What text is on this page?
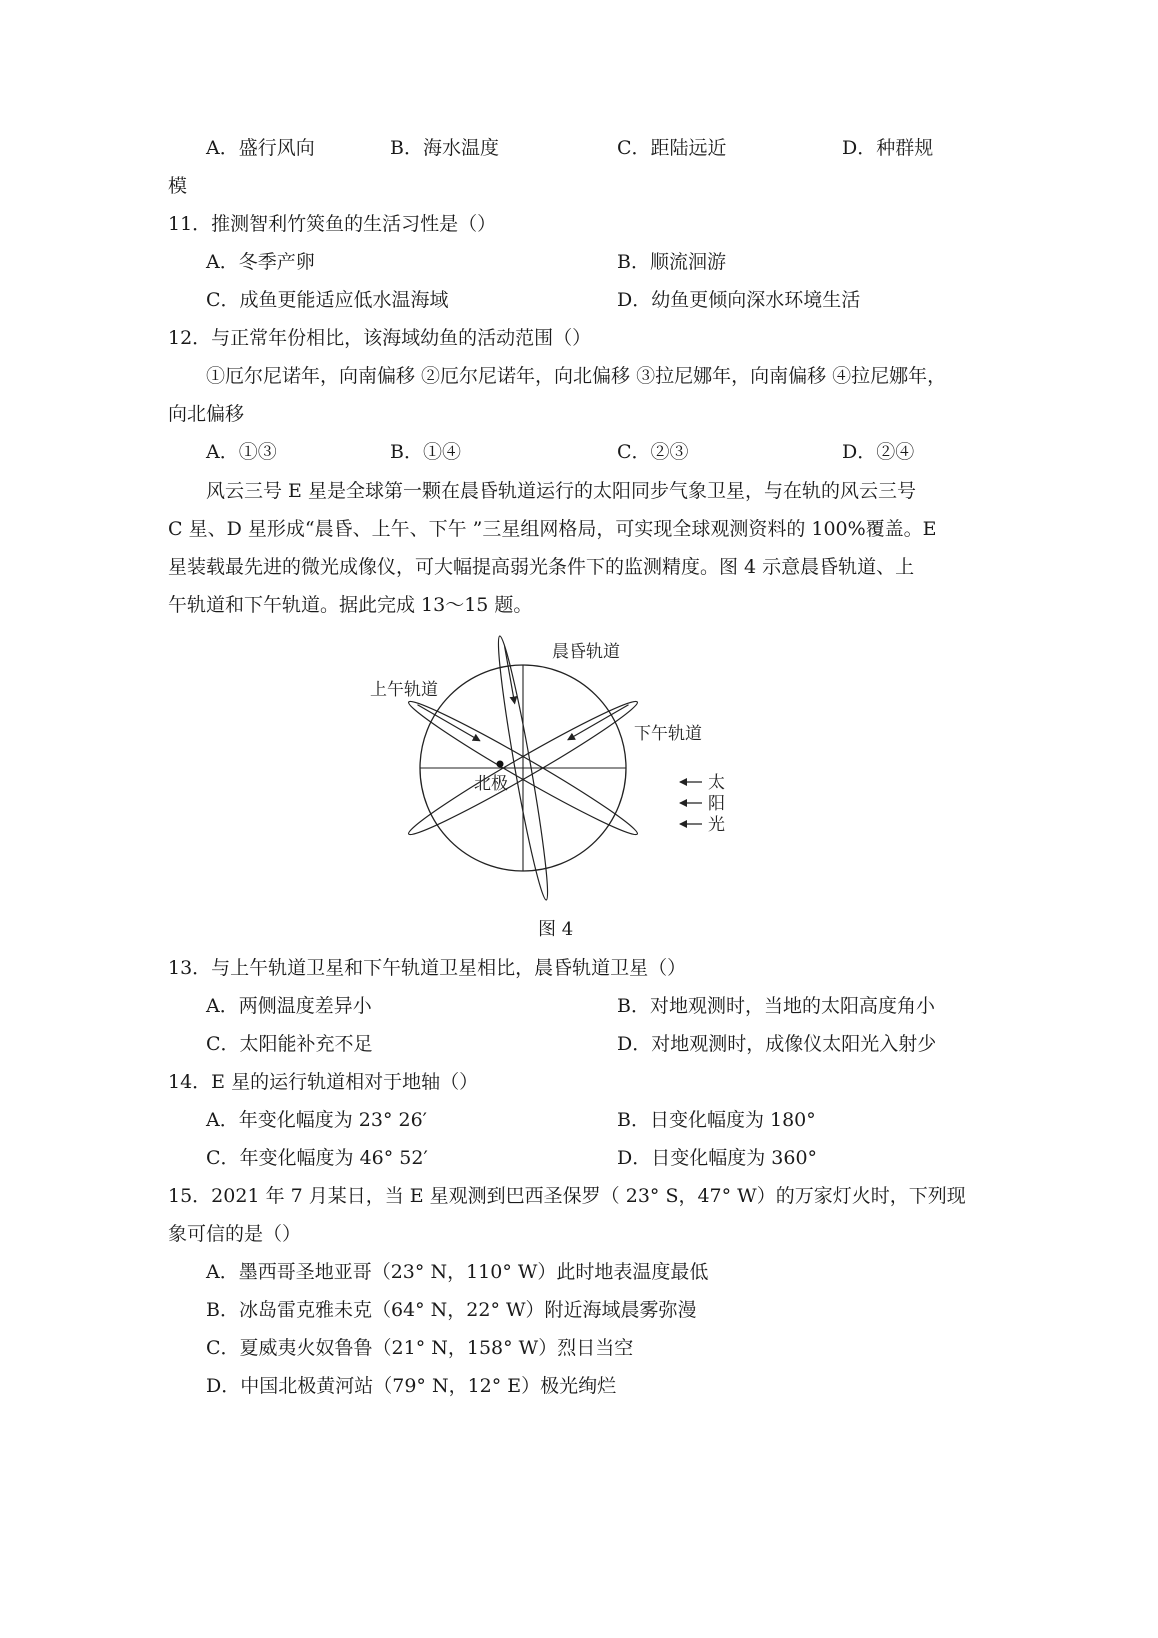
A．盛行风向	B．海水温度	C．距陆远近	D．种群规
模
11．推测智利竹筴鱼的生活习性是（）
A．冬季产卵	B．顺流洄游
C．成鱼更能适应低水温海域	D．幼鱼更倾向深水环境生活
12．与正常年份相比，该海域幼鱼的活动范围（）
①厄尔尼诺年，向南偏移 ②厄尔尼诺年，向北偏移 ③拉尼娜年，向南偏移 ④拉尼娜年，
向北偏移
A．①③	B．①④	C．②③	D．②④
风云三号 E 星是全球第一颗在晨昏轨道运行的太阳同步气象卫星，与在轨的风云三号
C 星、D 星形成“晨昏、上午、下午 ”三星组网格局，可实现全球观测资料的 100%覆盖。E
星装载最先进的微光成像仪，可大幅提高弱光条件下的监测精度。图 4 示意晨昏轨道、上
午轨道和下午轨道。据此完成 13～15 题。
晨昏轨道
上午轨道
下午轨道
北极	太
阳
光
图 4
13．与上午轨道卫星和下午轨道卫星相比，晨昏轨道卫星（）
A．两侧温度差异小	B．对地观测时，当地的太阳高度角小
C．太阳能补充不足	D．对地观测时，成像仪太阳光入射少
14．E 星的运行轨道相对于地轴（）
A．年变化幅度为 23° 26′	B．日变化幅度为 180°
C．年变化幅度为 46° 52′	D．日变化幅度为 360°
15．2021 年 7 月某日，当 E 星观测到巴西圣保罗（ 23° S，47° W）的万家灯火时，下列现
象可信的是（）
A．墨西哥圣地亚哥（23° N，110° W）此时地表温度最低
B．冰岛雷克雅未克（64° N，22° W）附近海域晨雾弥漫
C．夏威夷火奴鲁鲁（21° N，158° W）烈日当空
D．中国北极黄河站（79° N，12° E）极光绚烂
